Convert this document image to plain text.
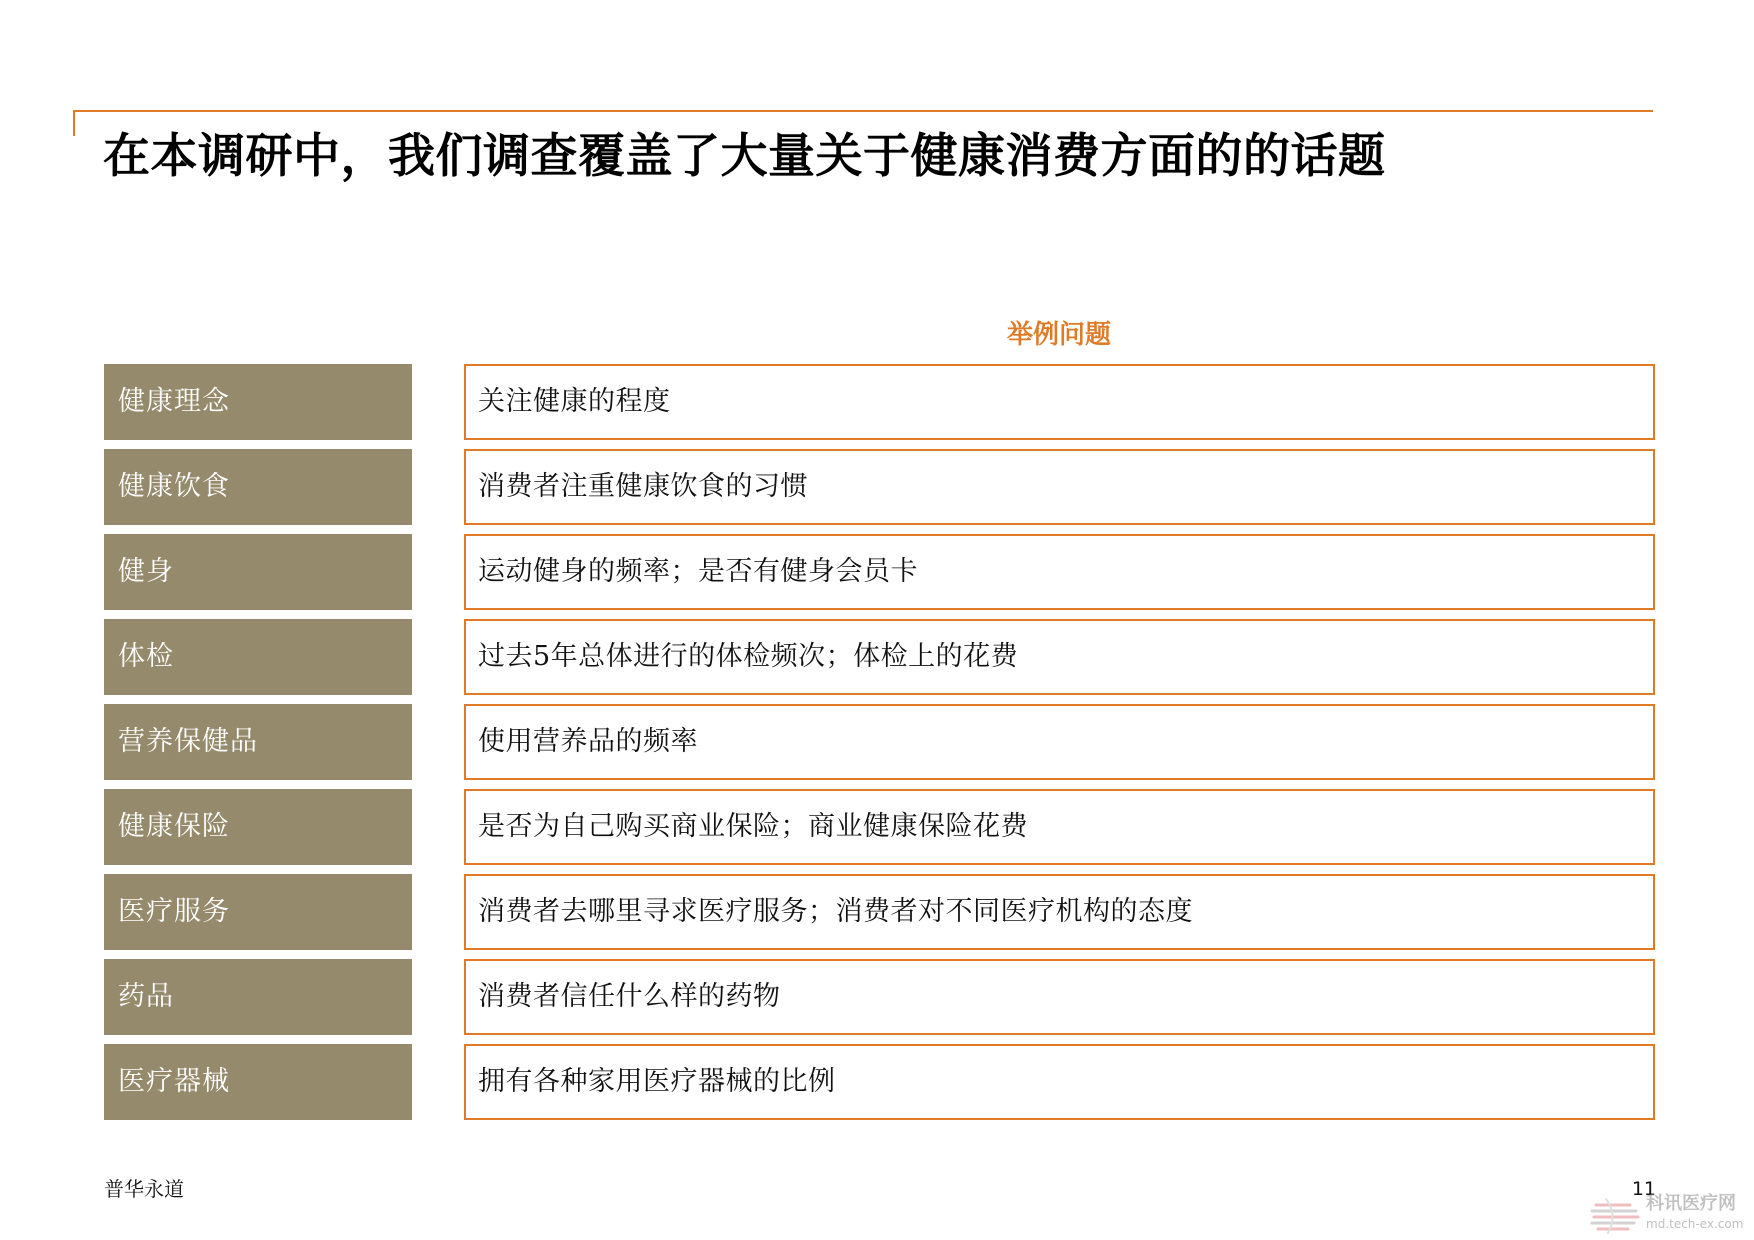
在本调研中，我们调查覆盖了大量关于健康消费方面的的话题
举例问题
健康理念	关注健康的程度
健康饮食	消费者注重健康饮食的习惯
健身	运动健身的频率；是否有健身会员卡
体检	过去5年总体进行的体检频次；体检上的花费
营养保健品	使用营养品的频率
健康保险	是否为自己购买商业保险；商业健康保险花费
医疗服务	消费者去哪里寻求医疗服务；消费者对不同医疗机构的态度
药品	消费者信任什么样的药物
医疗器械	拥有各种家用医疗器械的比例
普华永道	11
科讯医疗网
md.tech-ex.com
